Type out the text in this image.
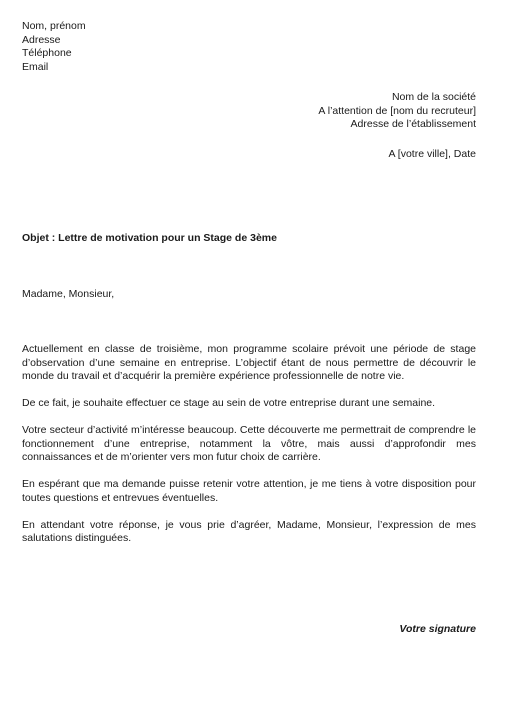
Nom, prénom
Adresse
Téléphone
Email
Nom de la société
A l’attention de [nom du recruteur]
Adresse de l’établissement
A [votre ville], Date
Objet : Lettre de motivation pour un Stage de 3ème
Madame, Monsieur,

Actuellement en classe de troisième, mon programme scolaire prévoit une période de stage d’observation d’une semaine en entreprise. L’objectif étant de nous permettre de découvrir le monde du travail et d’acquérir la première expérience professionnelle de notre vie.

De ce fait, je souhaite effectuer ce stage au sein de votre entreprise durant une semaine.

Votre secteur d’activité m’intéresse beaucoup. Cette découverte me permettrait de comprendre le fonctionnement d’une entreprise, notamment la vôtre, mais aussi d’approfondir mes connaissances et de m’orienter vers mon futur choix de carrière.

En espérant que ma demande puisse retenir votre attention, je me tiens à votre disposition pour toutes questions et entrevues éventuelles.

En attendant votre réponse, je vous prie d’agréer, Madame, Monsieur, l’expression de mes salutations distinguées.

Votre signature
